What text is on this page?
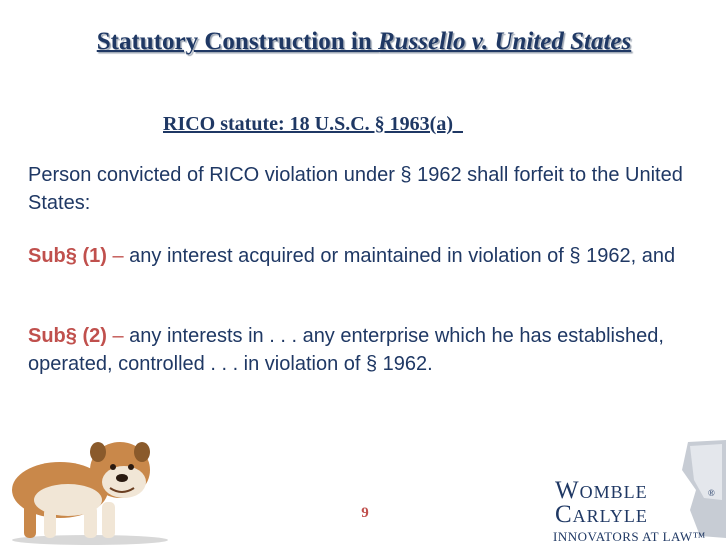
Statutory Construction in Russello v. United States
RICO statute: 18 U.S.C. § 1963(a)
Person convicted of RICO violation under § 1962 shall forfeit to the United States:
Sub§ (1) – any interest acquired or maintained in violation of § 1962, and
Sub§ (2) – any interests in . . . any enterprise which he has established, operated, controlled . . . in violation of § 1962.
9
Womble
Carlyle
®
INNOVATORS AT LAW™
